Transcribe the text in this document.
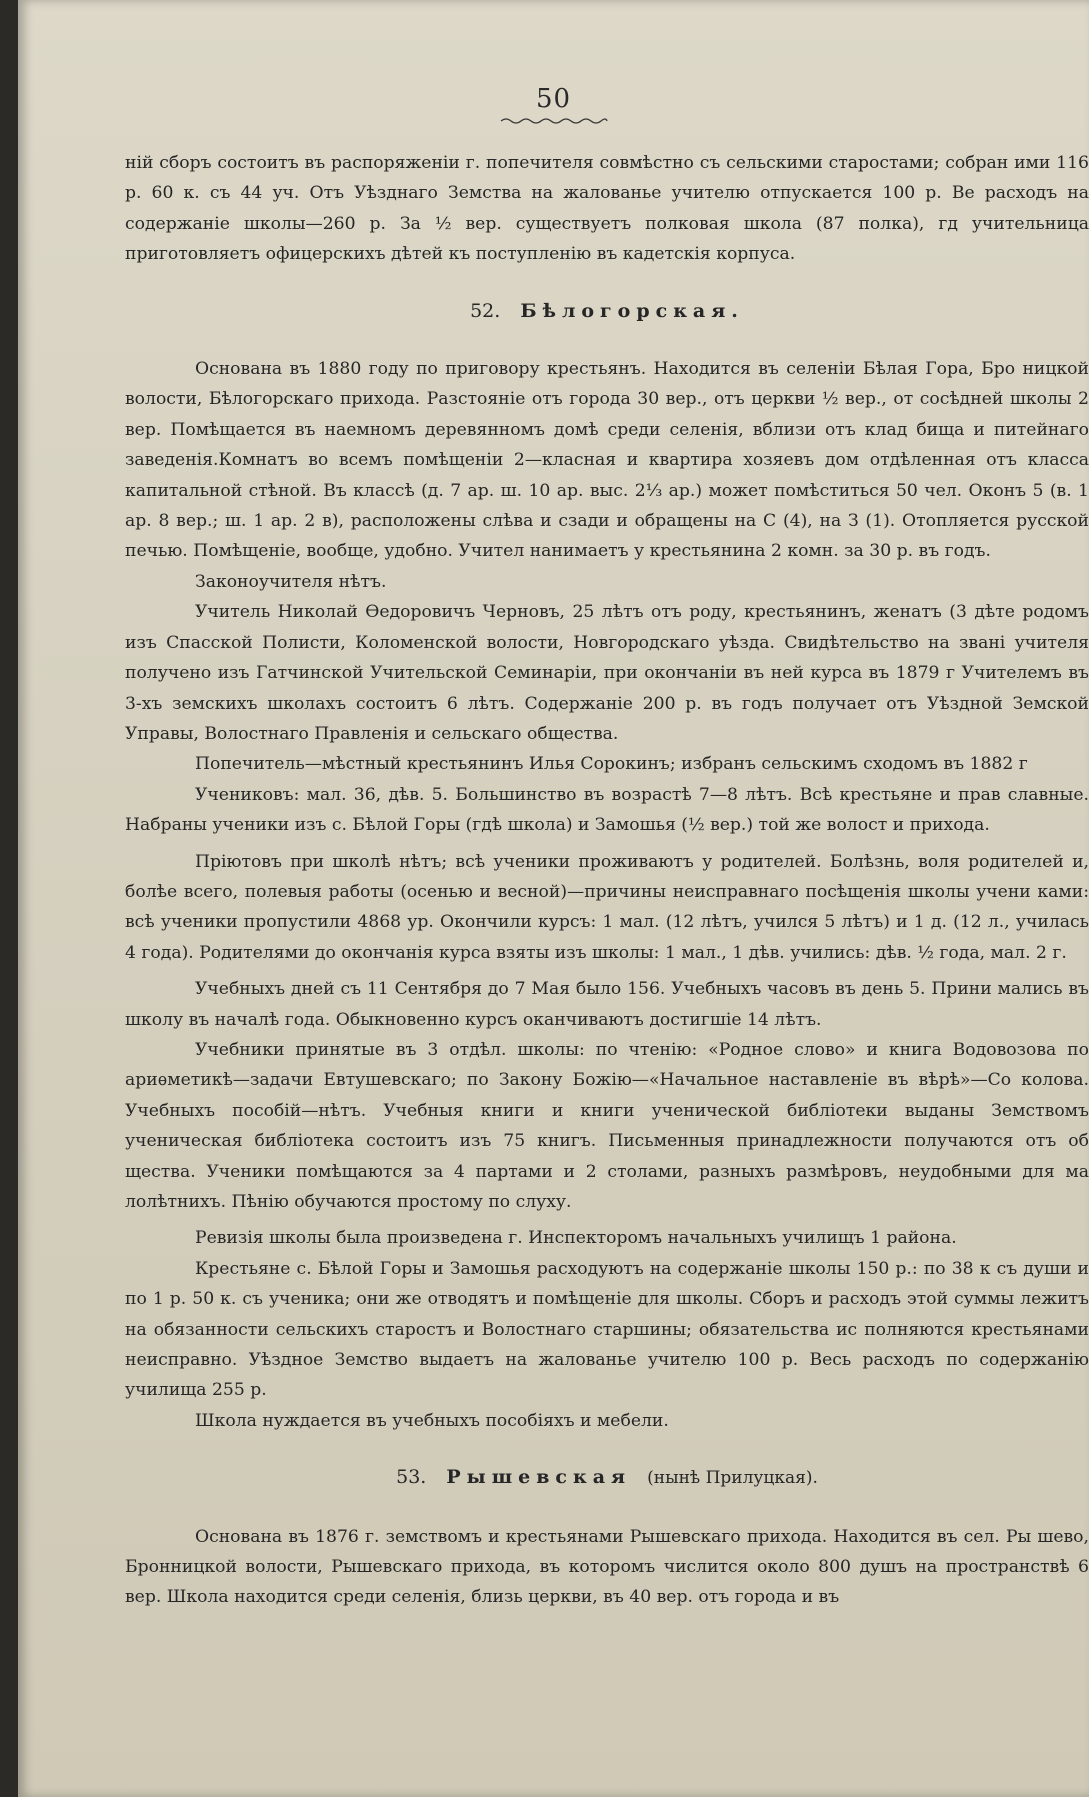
50

ній сборъ состоитъ въ распоряженіи г. попечителя совмѣстно съ сельскими старостами; собран ими 116 р. 60 к. съ 44 уч. Отъ Уѣзднаго Земства на жалованье учителю отпускается 100 р. Ве расходъ на содержаніе школы—260 р. За ½ вер. существуетъ полковая школа (87 полка), гд учительница приготовляетъ офицерскихъ дѣтей къ поступленію въ кадетскія корпуса.

52. Бѣлогорская.

Основана въ 1880 году по приговору крестьянъ. Находится въ селеніи Бѣлая Гора, Бро ницкой волости, Бѣлогорскаго прихода. Разстояніе отъ города 30 вер., отъ церкви ½ вер., от сосѣдней школы 2 вер. Помѣщается въ наемномъ деревянномъ домѣ среди селенія, вблизи отъ клад бища и питейнаго заведенія.Комнатъ во всемъ помѣщеніи 2—класная и квартира хозяевъ дом отдѣленная отъ класса капитальной стѣной. Въ классѣ (д. 7 ар. ш. 10 ар. выс. 2⅓ ар.) может помѣститься 50 чел. Оконъ 5 (в. 1 ар. 8 вер.; ш. 1 ар. 2 в), расположены слѣва и сзади и обращены на С (4), на З (1). Отопляется русской печью. Помѣщеніе, вообще, удобно. Учител нанимаетъ у крестьянина 2 комн. за 30 р. въ годъ.

Законоучителя нѣтъ.

Учитель Николай Ѳедоровичъ Черновъ, 25 лѣтъ отъ роду, крестьянинъ, женатъ (3 дѣте родомъ изъ Спасской Полисти, Коломенской волости, Новгородскаго уѣзда. Свидѣтельство на звані учителя получено изъ Гатчинской Учительской Семинаріи, при окончаніи въ ней курса въ 1879 г Учителемъ въ 3-хъ земскихъ школахъ состоитъ 6 лѣтъ. Содержаніе 200 р. въ годъ получает отъ Уѣздной Земской Управы, Волостнаго Правленія и сельскаго общества.

Попечитель—мѣстный крестьянинъ Илья Сорокинъ; избранъ сельскимъ сходомъ въ 1882 г

Учениковъ: мал. 36, дѣв. 5. Большинство въ возрастѣ 7—8 лѣтъ. Всѣ крестьяне и прав славные. Набраны ученики изъ с. Бѣлой Горы (гдѣ школа) и Замошья (½ вер.) той же волост и прихода.

Пріютовъ при школѣ нѣтъ; всѣ ученики проживаютъ у родителей. Болѣзнь, воля родителей и, болѣе всего, полевыя работы (осенью и весной)—причины неисправнаго посѣщенія школы учени ками: всѣ ученики пропустили 4868 ур. Окончили курсъ: 1 мал. (12 лѣтъ, учился 5 лѣтъ) и 1 д. (12 л., училась 4 года). Родителями до окончанія курса взяты изъ школы: 1 мал., 1 дѣв. учились: дѣв. ½ года, мал. 2 г.

Учебныхъ дней съ 11 Сентября до 7 Мая было 156. Учебныхъ часовъ въ день 5. Прини мались въ школу въ началѣ года. Обыкновенно курсъ оканчиваютъ достигшіе 14 лѣтъ.

Учебники принятые въ 3 отдѣл. школы: по чтенію: «Родное слово» и книга Водовозова по ариѳметикѣ—задачи Евтушевскаго; по Закону Божію—«Начальное наставленіе въ вѣрѣ»—Со колова. Учебныхъ пособій—нѣтъ. Учебныя книги и книги ученической библіотеки выданы Земствомъ ученическая библіотека состоитъ изъ 75 книгъ. Письменныя принадлежности получаются отъ об щества. Ученики помѣщаются за 4 партами и 2 столами, разныхъ размѣровъ, неудобными для ма лолѣтнихъ. Пѣнію обучаются простому по слуху.

Ревизія школы была произведена г. Инспекторомъ начальныхъ училищъ 1 района.

Крестьяне с. Бѣлой Горы и Замошья расходуютъ на содержаніе школы 150 р.: по 38 к съ души и по 1 р. 50 к. съ ученика; они же отводятъ и помѣщеніе для школы. Сборъ и расходъ этой суммы лежитъ на обязанности сельскихъ старостъ и Волостнаго старшины; обязательства ис полняются крестьянами неисправно. Уѣздное Земство выдаетъ на жалованье учителю 100 р. Весь расходъ по содержанію училища 255 р.

Школа нуждается въ учебныхъ пособіяхъ и мебели.

53. Рышевская (нынѣ Прилуцкая).

Основана въ 1876 г. земствомъ и крестьянами Рышевскаго прихода. Находится въ сел. Ры шево, Бронницкой волости, Рышевскаго прихода, въ которомъ числится около 800 душъ на пространствѣ 6 вер. Школа находится среди селенія, близь церкви, въ 40 вер. отъ города и въ
